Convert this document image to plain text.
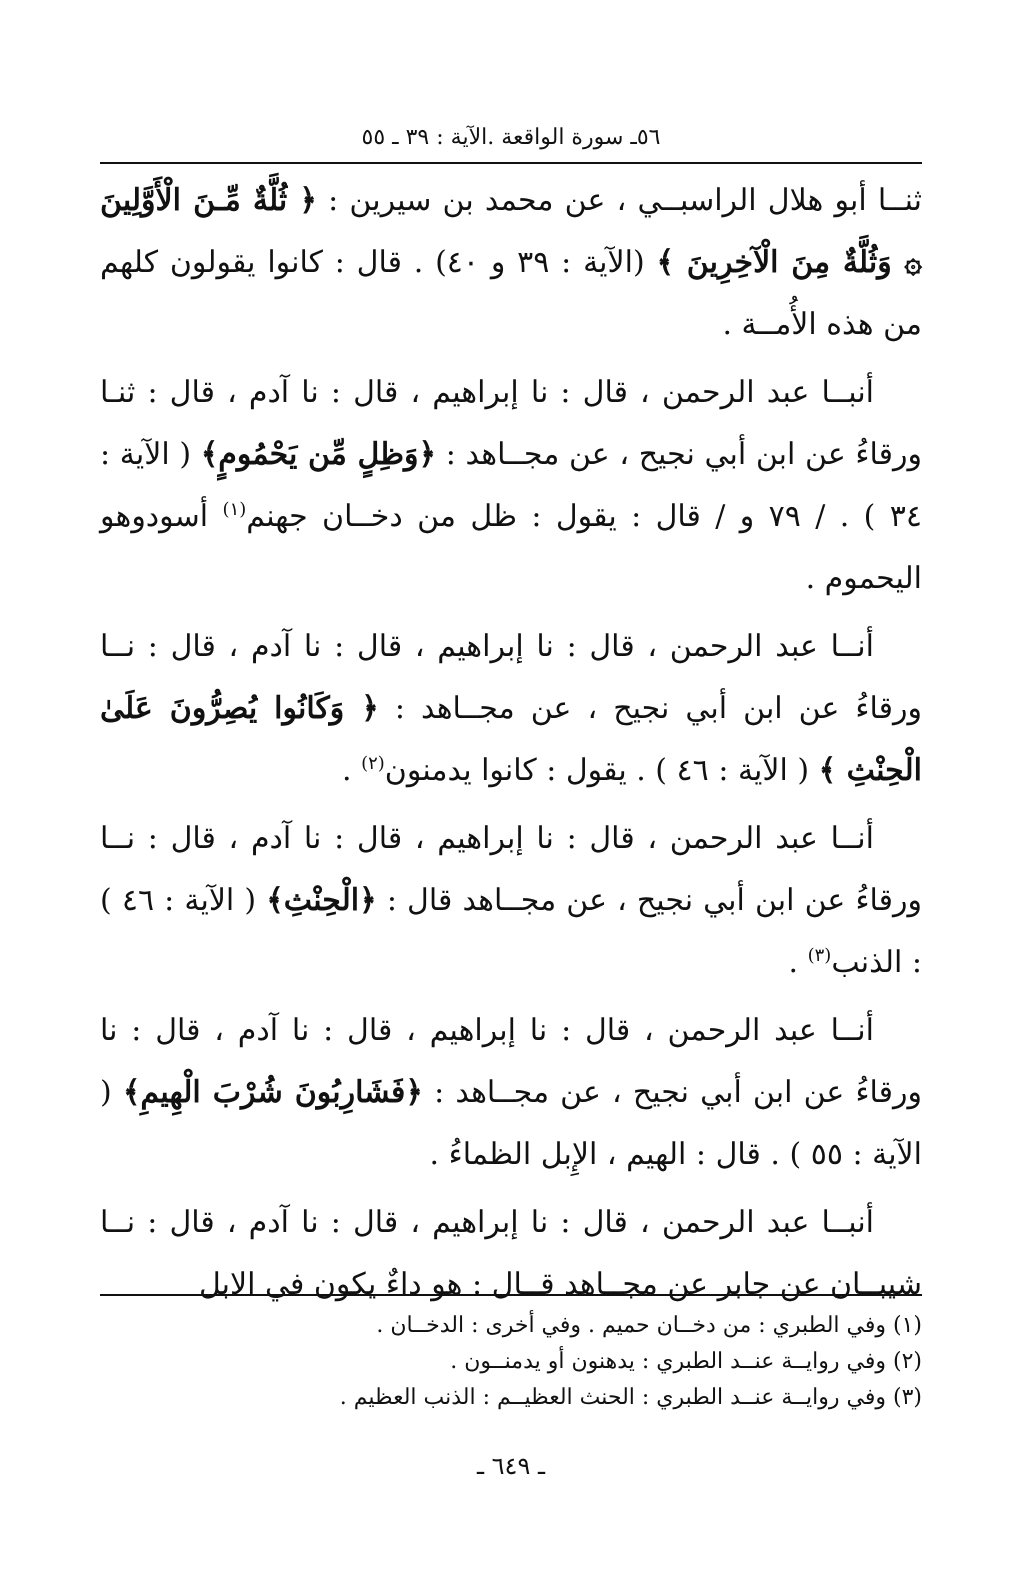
٥٦ـ سورة الواقعة .الآية : ٣٩ ـ ٥٥

ثنــا أبو هلال الراسبــي ، عن محمد بن سيرين : ﴿ ثُلَّةٌ مِّـنَ الْأَوَّلِينَ ۞ وَثُلَّةٌ مِنَ الْآخِرِينَ ﴾ (الآية : ٣٩ و ٤٠) . قال : كانوا يقولون كلهم من هذه الأُمــة .

أنبــا عبد الرحمن ، قال : نا إبراهيم ، قال : نا آدم ، قال : ثنـا ورقاءُ عن ابن أبي نجيح ، عن مجــاهد : ﴿وَظِلٍ مِّن يَحْمُومٍ﴾ ( الآية : ٣٤ ) . / ٧٩ و / قال : يقول : ظل من دخــان جهنم$^{(١)}$ أسودوهو اليحموم .

أنــا عبد الرحمن ، قال : نا إبراهيم ، قال : نا آدم ، قال : نــا ورقاءُ عن ابن أبي نجيح ، عن مجــاهد : ﴿ وَكَانُوا يُصِرُّونَ عَلَىٰ الْحِنْثِ ﴾ ( الآية : ٤٦ ) . يقول : كانوا يدمنون$^{(٢)}$ .

أنــا عبد الرحمن ، قال : نا إبراهيم ، قال : نا آدم ، قال : نــا ورقاءُ عن ابن أبي نجيح ، عن مجــاهد قال : ﴿الْحِنْثِ﴾ ( الآية : ٤٦ ) : الذنب$^{(٣)}$ .

أنــا عبد الرحمن ، قال : نا إبراهيم ، قال : نا آدم ، قال : نا ورقاءُ عن ابن أبي نجيح ، عن مجــاهد : ﴿فَشَارِبُونَ شُرْبَ الْهِيمِ﴾ ( الآية : ٥٥ ) . قال : الهيم ، الإِبل الظماءُ .

أنبــا عبد الرحمن ، قال : نا إبراهيم ، قال : نا آدم ، قال : نــا شيبــان عن جابر عن مجــاهد قــال : هو داءٌ يكون في الابل

(١) وفي الطبري : من دخــان حميم . وفي أخرى : الدخــان .

(٢) وفي روايــة عنــد الطبري : يدهنون أو يدمنــون .

(٣) وفي روايــة عنــد الطبري : الحنث العظيــم : الذنب العظيم .

ـ ٦٤٩ ـ
